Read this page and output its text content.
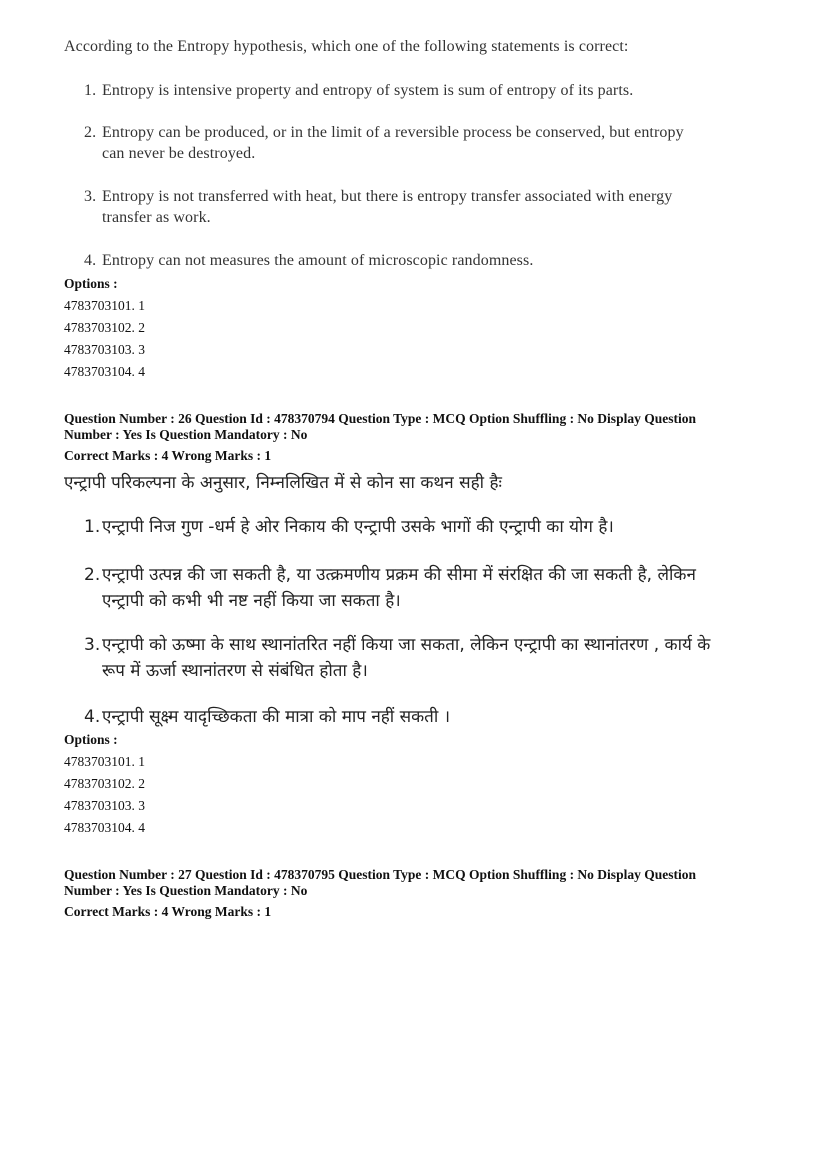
According to the Entropy hypothesis, which one of the following statements is correct:
1. Entropy is intensive property and entropy of system is sum of entropy of its parts.
2. Entropy can be produced, or in the limit of a reversible process be conserved, but entropy
can never be destroyed.
3. Entropy is not transferred with heat, but there is entropy transfer associated with energy
transfer as work.
4. Entropy can not measures the amount of microscopic randomness.
Options :
4783703101. 1
4783703102. 2
4783703103. 3
4783703104. 4
Question Number : 26 Question Id : 478370794 Question Type : MCQ Option Shuffling : No Display Question
Number : Yes Is Question Mandatory : No
Correct Marks : 4 Wrong Marks : 1
एन्ट्रापी परिकल्पना के अनुसार, निम्नलिखित में से कोन सा कथन सही हैः
1. एन्ट्रापी निज गुण -धर्म हे ओर निकाय की एन्ट्रापी उसके भागों की एन्ट्रापी का योग है।
2. एन्ट्रापी उत्पन्न की जा सकती है, या उत्क्रमणीय प्रक्रम की सीमा में संरक्षित की जा सकती है, लेकिन
एन्ट्रापी को कभी भी नष्ट नहीं किया जा सकता है।
3. एन्ट्रापी को ऊष्मा के साथ स्थानांतरित नहीं किया जा सकता, लेकिन एन्ट्रापी का स्थानांतरण , कार्य के
रूप में ऊर्जा स्थानांतरण से संबंधित होता है।
4. एन्ट्रापी सूक्ष्म यादृच्छिकता की मात्रा को माप नहीं सकती ।
Options :
4783703101. 1
4783703102. 2
4783703103. 3
4783703104. 4
Question Number : 27 Question Id : 478370795 Question Type : MCQ Option Shuffling : No Display Question
Number : Yes Is Question Mandatory : No
Correct Marks : 4 Wrong Marks : 1
